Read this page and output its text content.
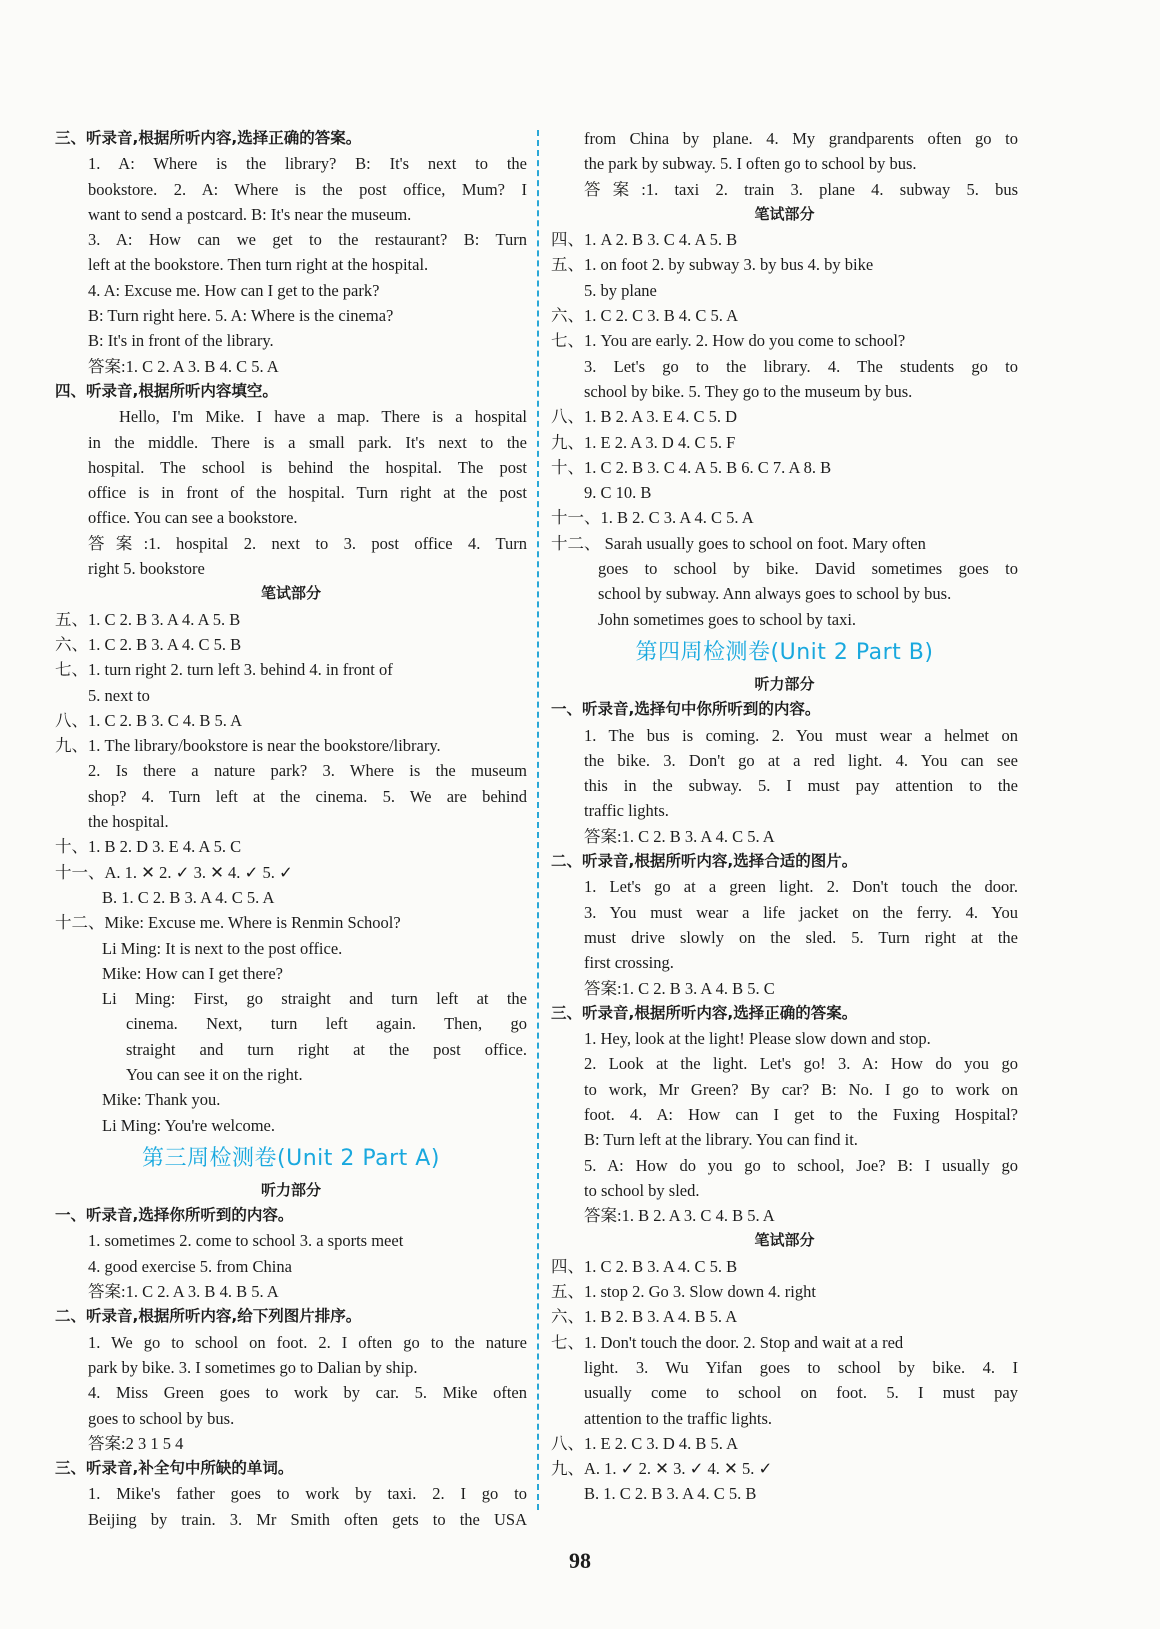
三、听录音,根据所听内容,选择正确的答案。
1. A: Where is the library? B: It's next to the
bookstore. 2. A: Where is the post office, Mum? I
want to send a postcard. B: It's near the museum.
3. A: How can we get to the restaurant? B: Turn
left at the bookstore. Then turn right at the hospital.
4. A: Excuse me. How can I get to the park?
B: Turn right here. 5. A: Where is the cinema?
B: It's in front of the library.
答案:1. C 2. A 3. B 4. C 5. A
四、听录音,根据所听内容填空。
Hello, I'm Mike. I have a map. There is a hospital
in the middle. There is a small park. It's next to the
hospital. The school is behind the hospital. The post
office is in front of the hospital. Turn right at the post
office. You can see a bookstore.
答案:1. hospital 2. next to 3. post office 4. Turn
right 5. bookstore
笔试部分
五、1. C 2. B 3. A 4. A 5. B
六、1. C 2. B 3. A 4. C 5. B
七、1. turn right 2. turn left 3. behind 4. in front of
5. next to
八、1. C 2. B 3. C 4. B 5. A
九、1. The library/bookstore is near the bookstore/library.
2. Is there a nature park? 3. Where is the museum
shop? 4. Turn left at the cinema. 5. We are behind
the hospital.
十、1. B 2. D 3. E 4. A 5. C
十一、A. 1. ✕ 2. ✓ 3. ✕ 4. ✓ 5. ✓
B. 1. C 2. B 3. A 4. C 5. A
十二、Mike: Excuse me. Where is Renmin School?
Li Ming: It is next to the post office.
Mike: How can I get there?
Li Ming: First, go straight and turn left at the
cinema. Next, turn left again. Then, go
straight and turn right at the post office.
You can see it on the right.
Mike: Thank you.
Li Ming: You're welcome.
第三周检测卷(Unit 2 Part A)
听力部分
一、听录音,选择你所听到的内容。
1. sometimes 2. come to school 3. a sports meet
4. good exercise 5. from China
答案:1. C 2. A 3. B 4. B 5. A
二、听录音,根据所听内容,给下列图片排序。
1. We go to school on foot. 2. I often go to the nature
park by bike. 3. I sometimes go to Dalian by ship.
4. Miss Green goes to work by car. 5. Mike often
goes to school by bus.
答案:2 3 1 5 4
三、听录音,补全句中所缺的单词。
1. Mike's father goes to work by taxi. 2. I go to
Beijing by train. 3. Mr Smith often gets to the USA
from China by plane. 4. My grandparents often go to
the park by subway. 5. I often go to school by bus.
答案:1. taxi 2. train 3. plane 4. subway 5. bus
笔试部分
四、1. A 2. B 3. C 4. A 5. B
五、1. on foot 2. by subway 3. by bus 4. by bike
5. by plane
六、1. C 2. C 3. B 4. C 5. A
七、1. You are early. 2. How do you come to school?
3. Let's go to the library. 4. The students go to
school by bike. 5. They go to the museum by bus.
八、1. B 2. A 3. E 4. C 5. D
九、1. E 2. A 3. D 4. C 5. F
十、1. C 2. B 3. C 4. A 5. B 6. C 7. A 8. B
9. C 10. B
十一、1. B 2. C 3. A 4. C 5. A
十二、 Sarah usually goes to school on foot. Mary often
goes to school by bike. David sometimes goes to
school by subway. Ann always goes to school by bus.
John sometimes goes to school by taxi.
第四周检测卷(Unit 2 Part B)
听力部分
一、听录音,选择句中你所听到的内容。
1. The bus is coming. 2. You must wear a helmet on
the bike. 3. Don't go at a red light. 4. You can see
this in the subway. 5. I must pay attention to the
traffic lights.
答案:1. C 2. B 3. A 4. C 5. A
二、听录音,根据所听内容,选择合适的图片。
1. Let's go at a green light. 2. Don't touch the door.
3. You must wear a life jacket on the ferry. 4. You
must drive slowly on the sled. 5. Turn right at the
first crossing.
答案:1. C 2. B 3. A 4. B 5. C
三、听录音,根据所听内容,选择正确的答案。
1. Hey, look at the light! Please slow down and stop.
2. Look at the light. Let's go! 3. A: How do you go
to work, Mr Green? By car? B: No. I go to work on
foot. 4. A: How can I get to the Fuxing Hospital?
B: Turn left at the library. You can find it.
5. A: How do you go to school, Joe? B: I usually go
to school by sled.
答案:1. B 2. A 3. C 4. B 5. A
笔试部分
四、1. C 2. B 3. A 4. C 5. B
五、1. stop 2. Go 3. Slow down 4. right
六、1. B 2. B 3. A 4. B 5. A
七、1. Don't touch the door. 2. Stop and wait at a red
light. 3. Wu Yifan goes to school by bike. 4. I
usually come to school on foot. 5. I must pay
attention to the traffic lights.
八、1. E 2. C 3. D 4. B 5. A
九、A. 1. ✓ 2. ✕ 3. ✓ 4. ✕ 5. ✓
B. 1. C 2. B 3. A 4. C 5. B
98
